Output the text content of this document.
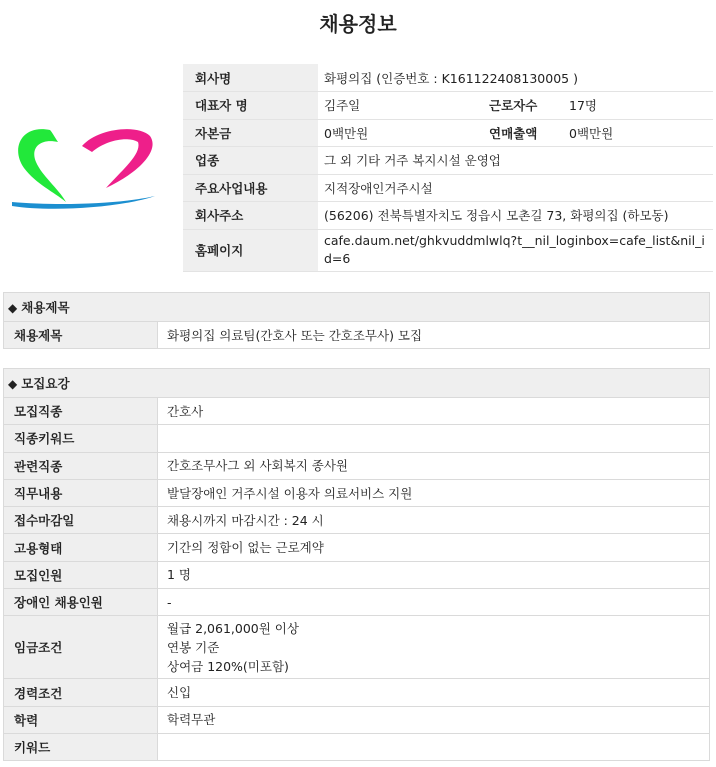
채용정보
회사명	화평의집 (인증번호 : K161122408130005 )		
대표자 명	김주일	근로자수	17명
자본금	0백만원	연매출액	0백만원
업종	그 외 기타 거주 복지시설 운영업		
주요사업내용	지적장애인거주시설		
회사주소	(56206) 전북특별자치도 정읍시 모촌길 73, 화평의집 (하모동)		
홈페이지	cafe.daum.net/ghkvuddmlwlq?t__nil_loginbox=cafe_list&nil_id=6		
◆ 채용제목
채용제목	화평의집 의료팀(간호사 또는 간호조무사) 모집
◆ 모집요강	
모집직종	간호사
직종키워드	
관련직종	간호조무사그 외 사회복지 종사원
직무내용	발달장애인 거주시설 이용자 의료서비스 지원
접수마감일	채용시까지 마감시간 : 24 시
고용형태	기간의 정함이 없는 근로계약
모집인원	1 명
장애인 채용인원	-
임금조건	월급 2,061,000원 이상
연봉 기준
상여금 120%(미포함)

경력조건	신입
학력	학력무관
키워드	
